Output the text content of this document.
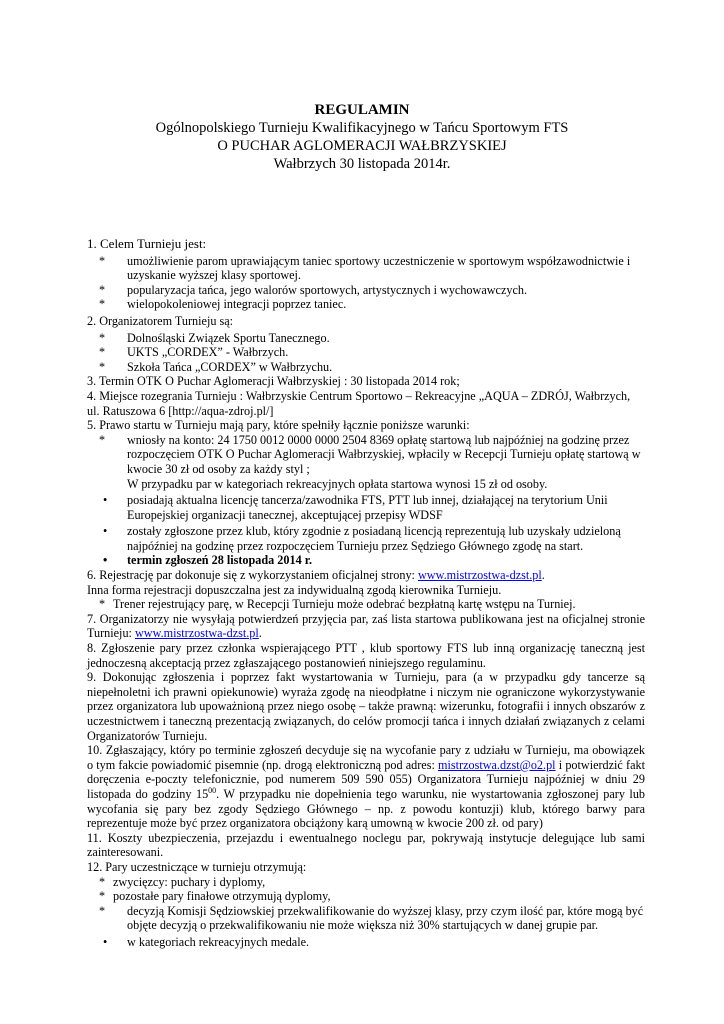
REGULAMIN
Ogólnopolskiego Turnieju Kwalifikacyjnego w Tańcu Sportowym FTS
O PUCHAR AGLOMERACJI WAŁBRZYSKIEJ
Wałbrzych 30 listopada 2014r.
1. Celem Turnieju jest:
* umożliwienie parom uprawiającym taniec sportowy uczestniczenie w sportowym współzawodnictwie i uzyskanie wyższej klasy sportowej.
* popularyzacja tańca, jego walorów sportowych, artystycznych i wychowawczych.
* wielopokoleniowej integracji poprzez taniec.
2. Organizatorem Turnieju są:
* Dolnośląski Związek Sportu Tanecznego.
* UKTS „CORDEX” - Wałbrzych.
* Szkoła Tańca „CORDEX” w Wałbrzychu.
3. Termin OTK O Puchar Aglomeracji Wałbrzyskiej : 30 listopada 2014 rok;
4. Miejsce rozegrania Turnieju : Wałbrzyskie Centrum Sportowo – Rekreacyjne „AQUA – ZDRÓJ, Wałbrzych, ul. Ratuszowa 6 [http://aqua-zdroj.pl/]
5. Prawo startu w Turnieju mają pary, które spełniły łącznie poniższe warunki:
* wniosły na konto: 24 1750 0012 0000 0000 2504 8369 opłatę startową lub najpóźniej na godzinę przez rozpoczęciem OTK O Puchar Aglomeracji Wałbrzyskiej, wpłacily w Recepcji Turnieju opłatę startową w kwocie 30 zł od osoby za każdy styl ;
W przypadku par w kategoriach rekreacyjnych opłata startowa wynosi 15 zł od osoby.
• posiadają aktualna licencję tancerza/zawodnika FTS, PTT lub innej, działającej na terytorium Unii Europejskiej organizacji tanecznej, akceptującej przepisy WDSF
• zostały zgłoszone przez klub, który zgodnie z posiadaną licencją reprezentują lub uzyskały udzieloną najpóźniej na godzinę przez rozpoczęciem Turnieju przez Sędziego Głównego zgodę na start.
• termin zgłoszeń 28 listopada 2014 r.
6. Rejestrację par dokonuje się z wykorzystaniem oficjalnej strony: www.mistrzostwa-dzst.pl.
Inna forma rejestracji dopuszczalna jest za indywidualną zgodą kierownika Turnieju.
* Trener rejestrujący parę, w Recepcji Turnieju może odebrać bezpłatną kartę wstępu na Turniej.
7. Organizatorzy nie wysyłają potwierdzeń przyjęcia par, zaś lista startowa publikowana jest na oficjalnej stronie Turnieju: www.mistrzostwa-dzst.pl.
8. Zgłoszenie pary przez członka wspierającego PTT , klub sportowy FTS lub inną organizację taneczną jest jednoczesną akceptacją przez zgłaszającego postanowień niniejszego regulaminu.
9. Dokonując zgłoszenia i poprzez fakt wystartowania w Turnieju, para (a w przypadku gdy tancerze są niepełnoletni ich prawni opiekunowie) wyraża zgodę na nieodpłatne i niczym nie ograniczone wykorzystywanie przez organizatora lub upoważnioną przez niego osobę – także prawną: wizerunku, fotografii i innych obszarów z uczestnictwem i taneczną prezentacją związanych, do celów promocji tańca i innych działań związanych z celami Organizatorów Turnieju.
10. Zgłaszający, który po terminie zgłoszeń decyduje się na wycofanie pary z udziału w Turnieju, ma obowiązek o tym fakcie powiadomić pisemnie (np. drogą elektroniczną pod adres: mistrzostwa.dzst@o2.pl i potwierdzić fakt doręczenia e-poczty telefonicznie, pod numerem 509 590 055) Organizatora Turnieju najpóźniej w dniu 29 listopada do godziny $15^{00}$. W przypadku nie dopełnienia tego warunku, nie wystartowania zgłoszonej pary lub wycofania się pary bez zgody Sędziego Głównego – np. z powodu kontuzji) klub, którego barwy para reprezentuje może być przez organizatora obciążony karą umowną w kwocie 200 zł. od pary)
11. Koszty ubezpieczenia, przejazdu i ewentualnego noclegu par, pokrywają instytucje delegujące lub sami zainteresowani.
12. Pary uczestniczące w turnieju otrzymują:
* zwycięzcy: puchary i dyplomy,
* pozostałe pary finałowe otrzymują dyplomy,
* decyzją Komisji Sędziowskiej przekwalifikowanie do wyższej klasy, przy czym ilość par, które mogą być objęte decyzją o przekwalifikowaniu nie może większa niż 30% startujących w danej grupie par.
• w kategoriach rekreacyjnych medale.
